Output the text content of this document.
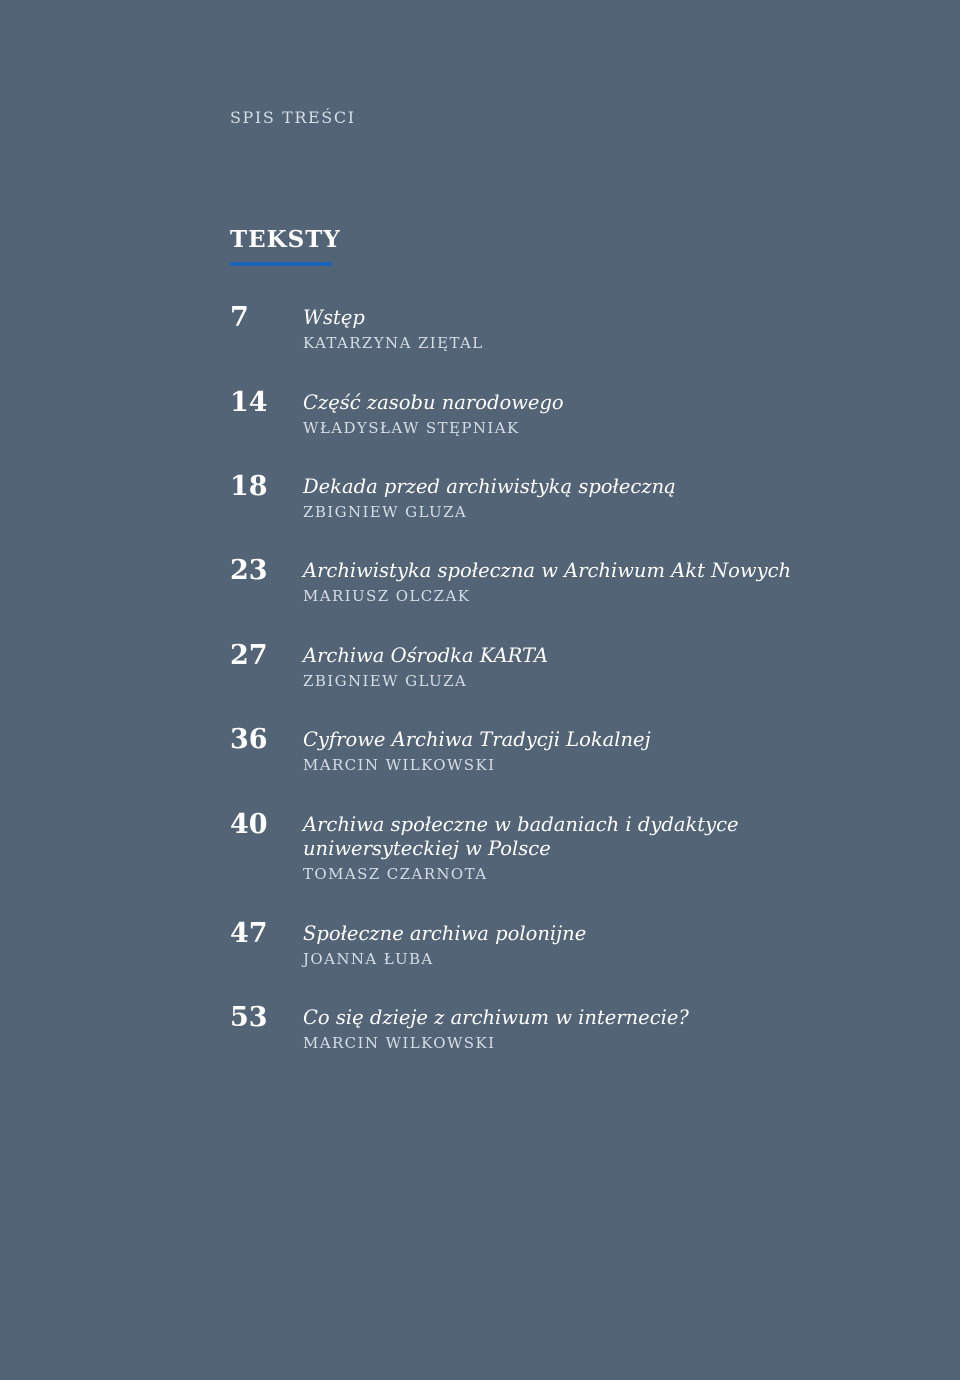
SPIS TREŚCI
TEKSTY
7	Wstęp
KATARZYNA ZIĘTAL
14 Część zasobu narodowego
WŁADYSŁAW STĘPNIAK
18 Dekada przed archiwistyką społeczną
ZBIGNIEW GLUZA
23 Archiwistyka społeczna w Archiwum Akt Nowych
MARIUSZ OLCZAK
27 Archiwa Ośrodka KARTA
ZBIGNIEW GLUZA
36 Cyfrowe Archiwa Tradycji Lokalnej
MARCIN WILKOWSKI
40 Archiwa społeczne w badaniach i dydaktyce uniwersyteckiej w Polsce
TOMASZ CZARNOTA
47 Społeczne archiwa polonijne
JOANNA ŁUBA
53 Co się dzieje z archiwum w internecie?
MARCIN WILKOWSKI
